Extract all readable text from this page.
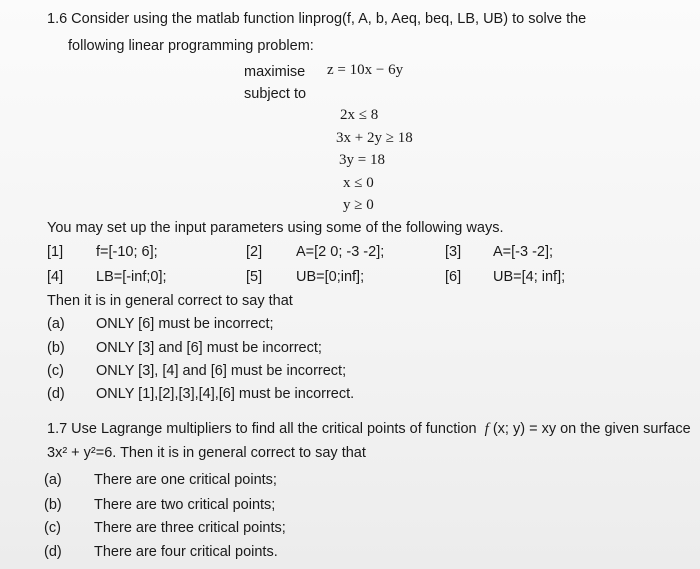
1.6 Consider using the matlab function linprog(f, A, b, Aeq, beq, LB, UB) to solve the
following linear programming problem:
maximise z = 10x − 6y
subject to
2x ≤ 8
3x + 2y ≥ 18
3y = 18
x ≤ 0
y ≥ 0
You may set up the input parameters using some of the following ways.
[1] f=[-10; 6];	[2] A=[2 0; -3 -2];	[3] A=[-3 -2];
[4] LB=[-inf;0];	[5] UB=[0;inf];	[6] UB=[4; inf];
Then it is in general correct to say that
(a) ONLY [6] must be incorrect;
(b) ONLY [3] and [6] must be incorrect;
(c) ONLY [3], [4] and [6] must be incorrect;
(d) ONLY [1],[2],[3],[4],[6] must be incorrect.
1.7 Use Lagrange multipliers to find all the critical points of function f (x; y) = xy on the given surface
3x² + y²=6. Then it is in general correct to say that
(a) There are one critical points;
(b) There are two critical points;
(c) There are three critical points;
(d) There are four critical points.
